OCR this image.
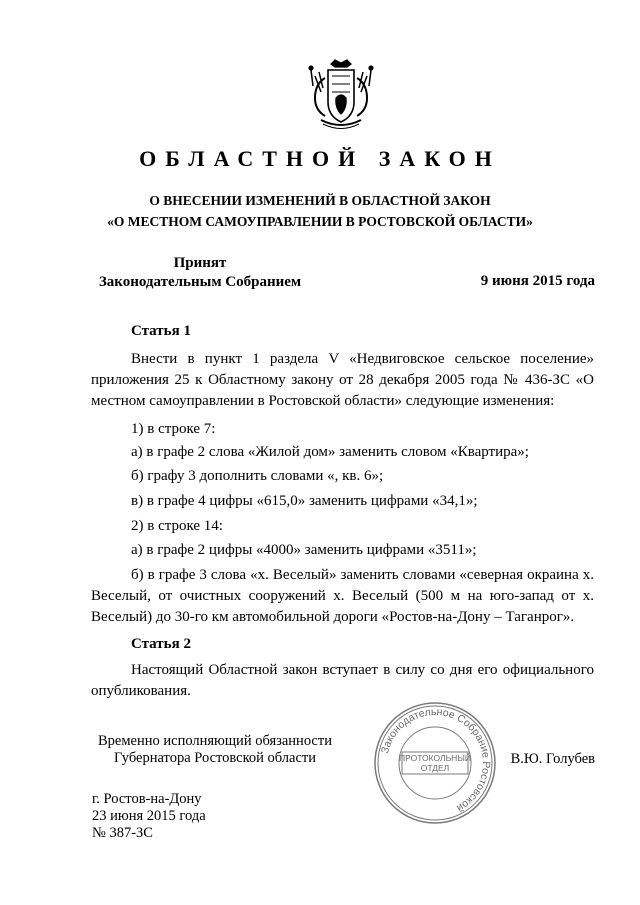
ОБЛАСТНОЙ ЗАКОН
О ВНЕСЕНИИ ИЗМЕНЕНИЙ В ОБЛАСТНОЙ ЗАКОН
«О МЕСТНОМ САМОУПРАВЛЕНИИ В РОСТОВСКОЙ ОБЛАСТИ»
Принят
Законодательным Собранием	9 июня 2015 года
Статья 1

Внести в пункт 1 раздела V «Недвиговское сельское поселение» приложения 25 к Областному закону от 28 декабря 2005 года № 436-ЗС «О местном самоуправлении в Ростовской области» следующие изменения:

1) в строке 7:
а) в графе 2 слова «Жилой дом» заменить словом «Квартира»;
б) графу 3 дополнить словами «, кв. 6»;
в) в графе 4 цифры «615,0» заменить цифрами «34,1»;
2) в строке 14:
а) в графе 2 цифры «4000» заменить цифрами «3511»;

б) в графе 3 слова «х. Веселый» заменить словами «северная окраина х. Веселый, от очистных сооружений х. Веселый (500 м на юго-запад от х. Веселый) до 30-го км автомобильной дороги «Ростов-на-Дону – Таганрог».

Статья 2

Настоящий Областной закон вступает в силу со дня его официального опубликования.

Временно исполняющий обязанности
Губернатора Ростовской области	Законодательное Собрание Ростовской
ПРОТОКОЛЬНЫЙ
ОТДЕЛ
В.Ю. Голубев
г. Ростов-на-Дону
23 июня 2015 года
№ 387-ЗС
